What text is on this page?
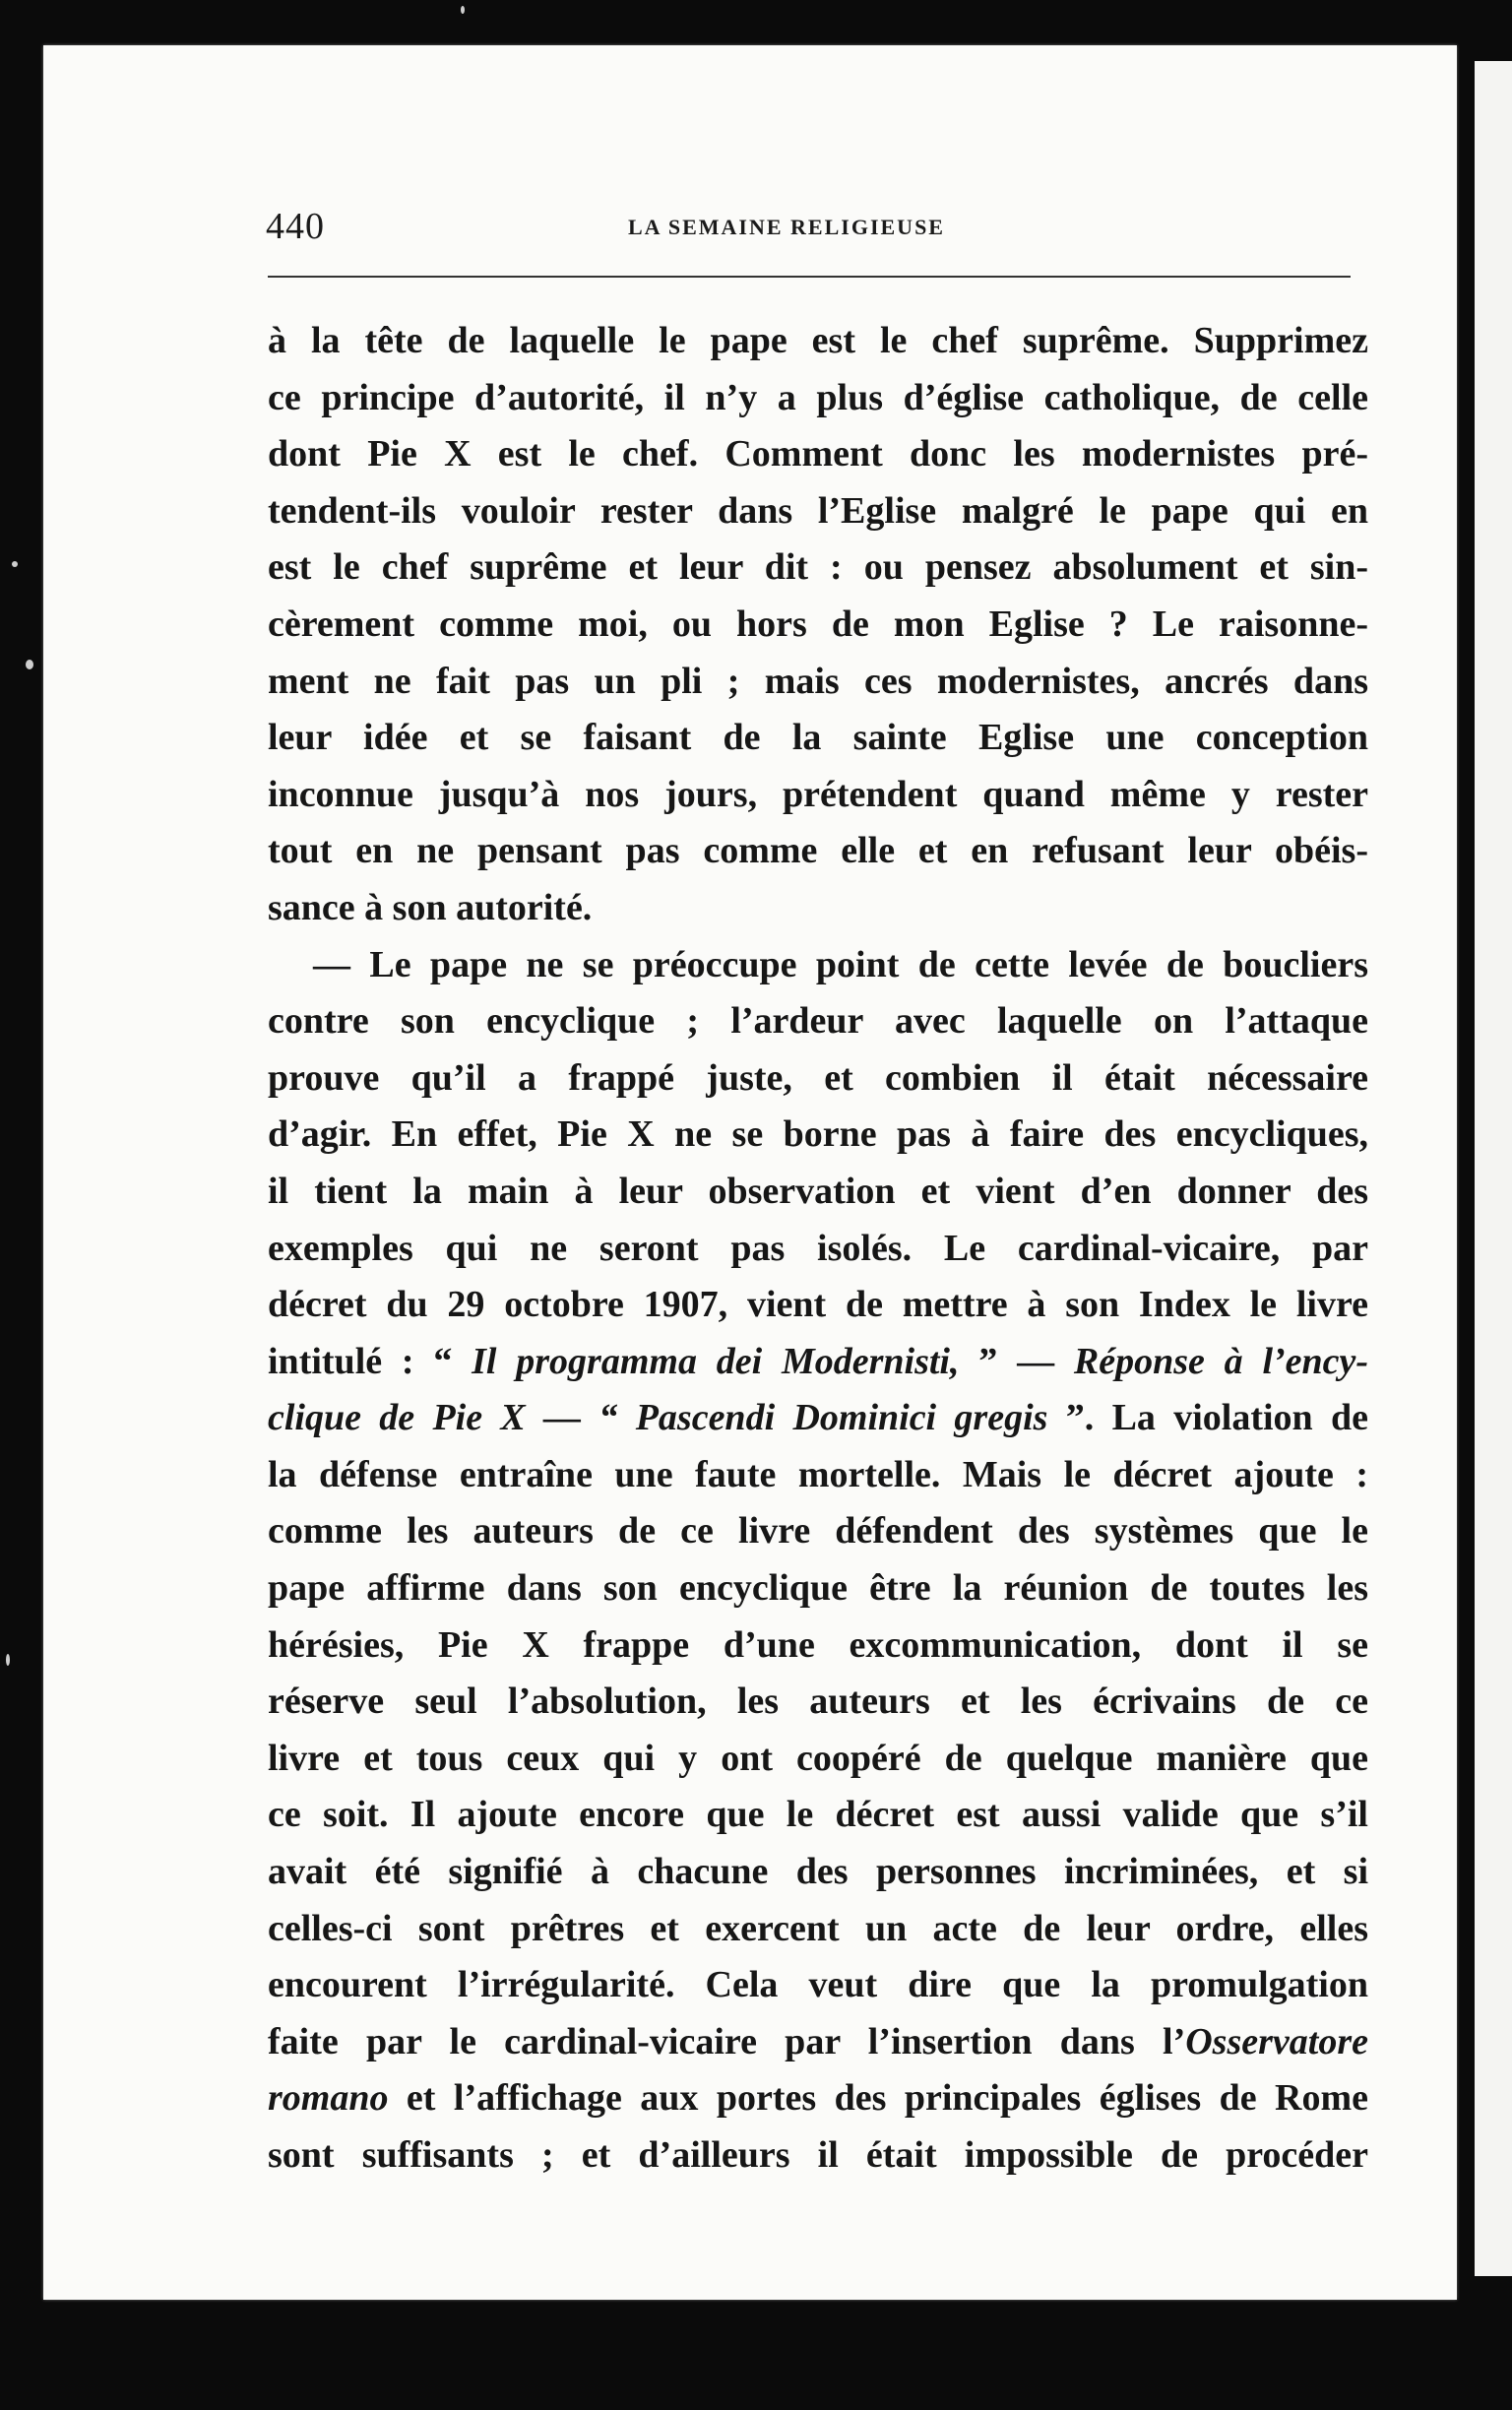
440	LA SEMAINE RELIGIEUSE
à la tête de laquelle le pape est le chef suprême. Supprimez
ce principe d’autorité, il n’y a plus d’église catholique, de celle
dont Pie X est le chef. Comment donc les modernistes pré-
tendent-ils vouloir rester dans l’Eglise malgré le pape qui en
est le chef suprême et leur dit : ou pensez absolument et sin-
cèrement comme moi, ou hors de mon Eglise ? Le raisonne-
ment ne fait pas un pli ; mais ces modernistes, ancrés dans
leur idée et se faisant de la sainte Eglise une conception
inconnue jusqu’à nos jours, prétendent quand même y rester
tout en ne pensant pas comme elle et en refusant leur obéis-
sance à son autorité.
— Le pape ne se préoccupe point de cette levée de boucliers
contre son encyclique ; l’ardeur avec laquelle on l’attaque
prouve qu’il a frappé juste, et combien il était nécessaire
d’agir. En effet, Pie X ne se borne pas à faire des encycliques,
il tient la main à leur observation et vient d’en donner des
exemples qui ne seront pas isolés. Le cardinal-vicaire, par
décret du 29 octobre 1907, vient de mettre à son Index le livre
intitulé : “ Il programma dei Modernisti, ” — Réponse à l’ency-
clique de Pie X — “ Pascendi Dominici gregis ”. La violation de
la défense entraîne une faute mortelle. Mais le décret ajoute :
comme les auteurs de ce livre défendent des systèmes que le
pape affirme dans son encyclique être la réunion de toutes les
hérésies, Pie X frappe d’une excommunication, dont il se
réserve seul l’absolution, les auteurs et les écrivains de ce
livre et tous ceux qui y ont coopéré de quelque manière que
ce soit. Il ajoute encore que le décret est aussi valide que s’il
avait été signifié à chacune des personnes incriminées, et si
celles-ci sont prêtres et exercent un acte de leur ordre, elles
encourent l’irrégularité. Cela veut dire que la promulgation
faite par le cardinal-vicaire par l’insertion dans l’Osservatore
romano et l’affichage aux portes des principales églises de Rome
sont suffisants ; et d’ailleurs il était impossible de procéder
